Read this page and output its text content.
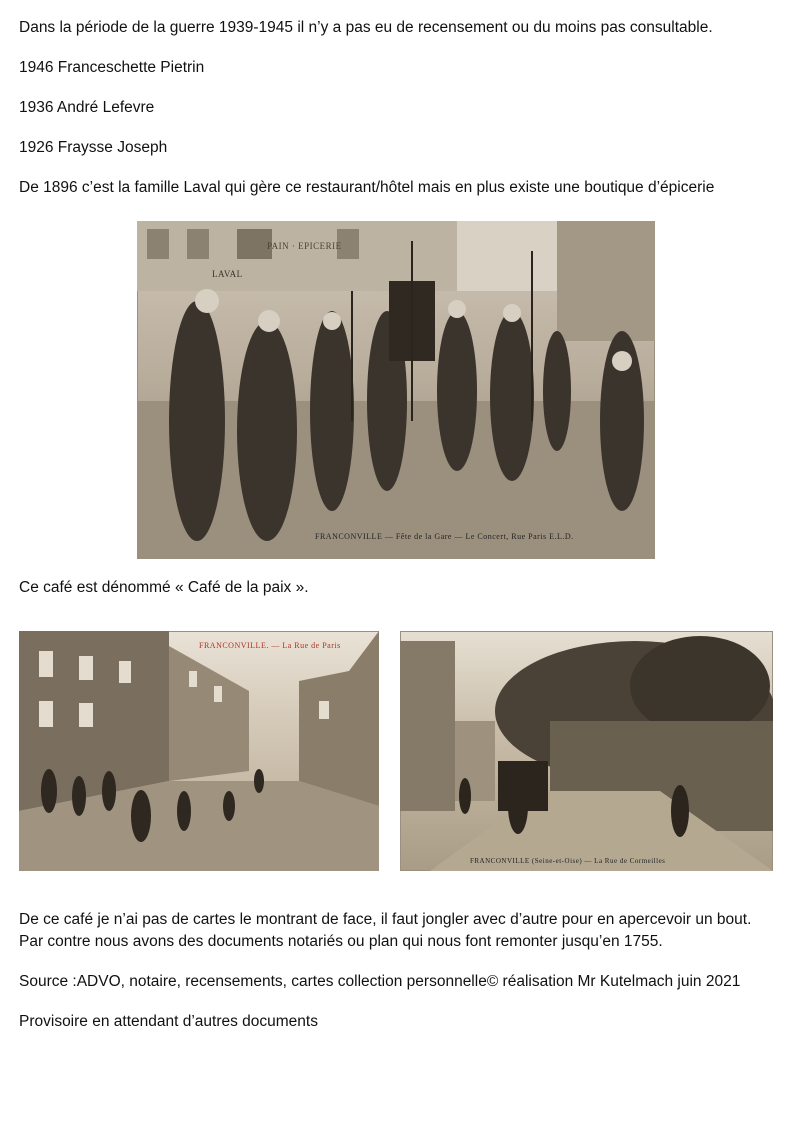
Dans la période de la guerre 1939-1945 il n’y a pas eu de recensement ou du moins pas consultable.

1946 Franceschette Pietrin

1936 André Lefevre

1926 Fraysse Joseph

De 1896 c’est la famille Laval qui gère ce restaurant/hôtel mais en plus existe une boutique d’épicerie

PAIN · EPICERIE
LAVAL
FRANCONVILLE — Fête de la Gare — Le Concert, Rue Paris E.L.D.

Ce café est dénommé « Café de la paix ».

FRANCONVILLE. — La Rue de Paris
FRANCONVILLE (Seine-et-Oise) — La Rue de Cormeilles

De ce café je n’ai pas de cartes le montrant de face, il faut jongler avec d’autre pour en apercevoir un bout. Par contre nous avons des documents notariés ou plan qui nous font remonter jusqu’en 1755.

Source :ADVO, notaire, recensements, cartes collection personnelle© réalisation Mr Kutelmach juin 2021

Provisoire en attendant d’autres documents
